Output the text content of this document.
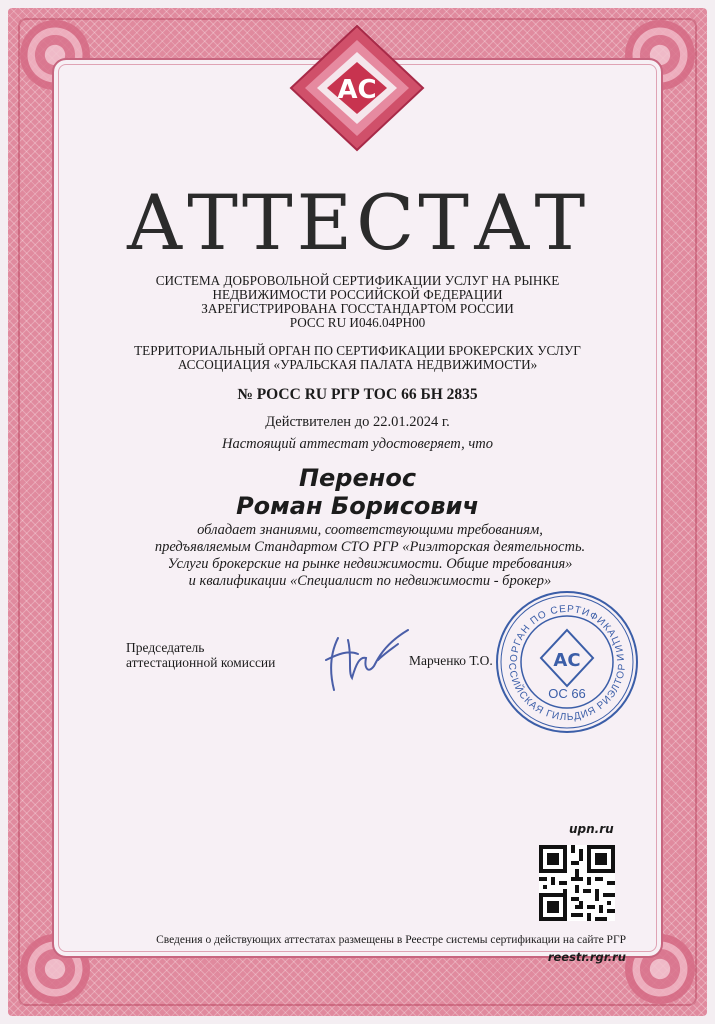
АС
АТТЕСТАТ
СИСТЕМА ДОБРОВОЛЬНОЙ СЕРТИФИКАЦИИ УСЛУГ НА РЫНКЕ
НЕДВИЖИМОСТИ РОССИЙСКОЙ ФЕДЕРАЦИИ
ЗАРЕГИСТРИРОВАНА ГОССТАНДАРТОМ РОССИИ
РОСС RU И046.04РН00
ТЕРРИТОРИАЛЬНЫЙ ОРГАН ПО СЕРТИФИКАЦИИ БРОКЕРСКИХ УСЛУГ
АССОЦИАЦИЯ «УРАЛЬСКАЯ ПАЛАТА НЕДВИЖИМОСТИ»
№ РОСС RU РГР ТОС 66 БН 2835
Действителен до 22.01.2024 г.
Настоящий аттестат удостоверяет, что
Перенос
Роман Борисович
обладает знаниями, соответствующими требованиям,
предъявляемым Стандартом СТО РГР «Риэлторская деятельность.
Услуги брокерские на рынке недвижимости. Общие требования»
и квалификации «Специалист по недвижимости - брокер»
Председатель
аттестационной комиссии	Марченко Т.О. ОРГАН ПО СЕРТИФИКАЦИИ
ССИЙСКАЯ ГИЛЬДИЯ РИЭЛТОР
АС
ОС 66
upn.ru
Сведения о действующих аттестатах размещены в Реестре системы сертификации на сайте РГР
reestr.rgr.ru
